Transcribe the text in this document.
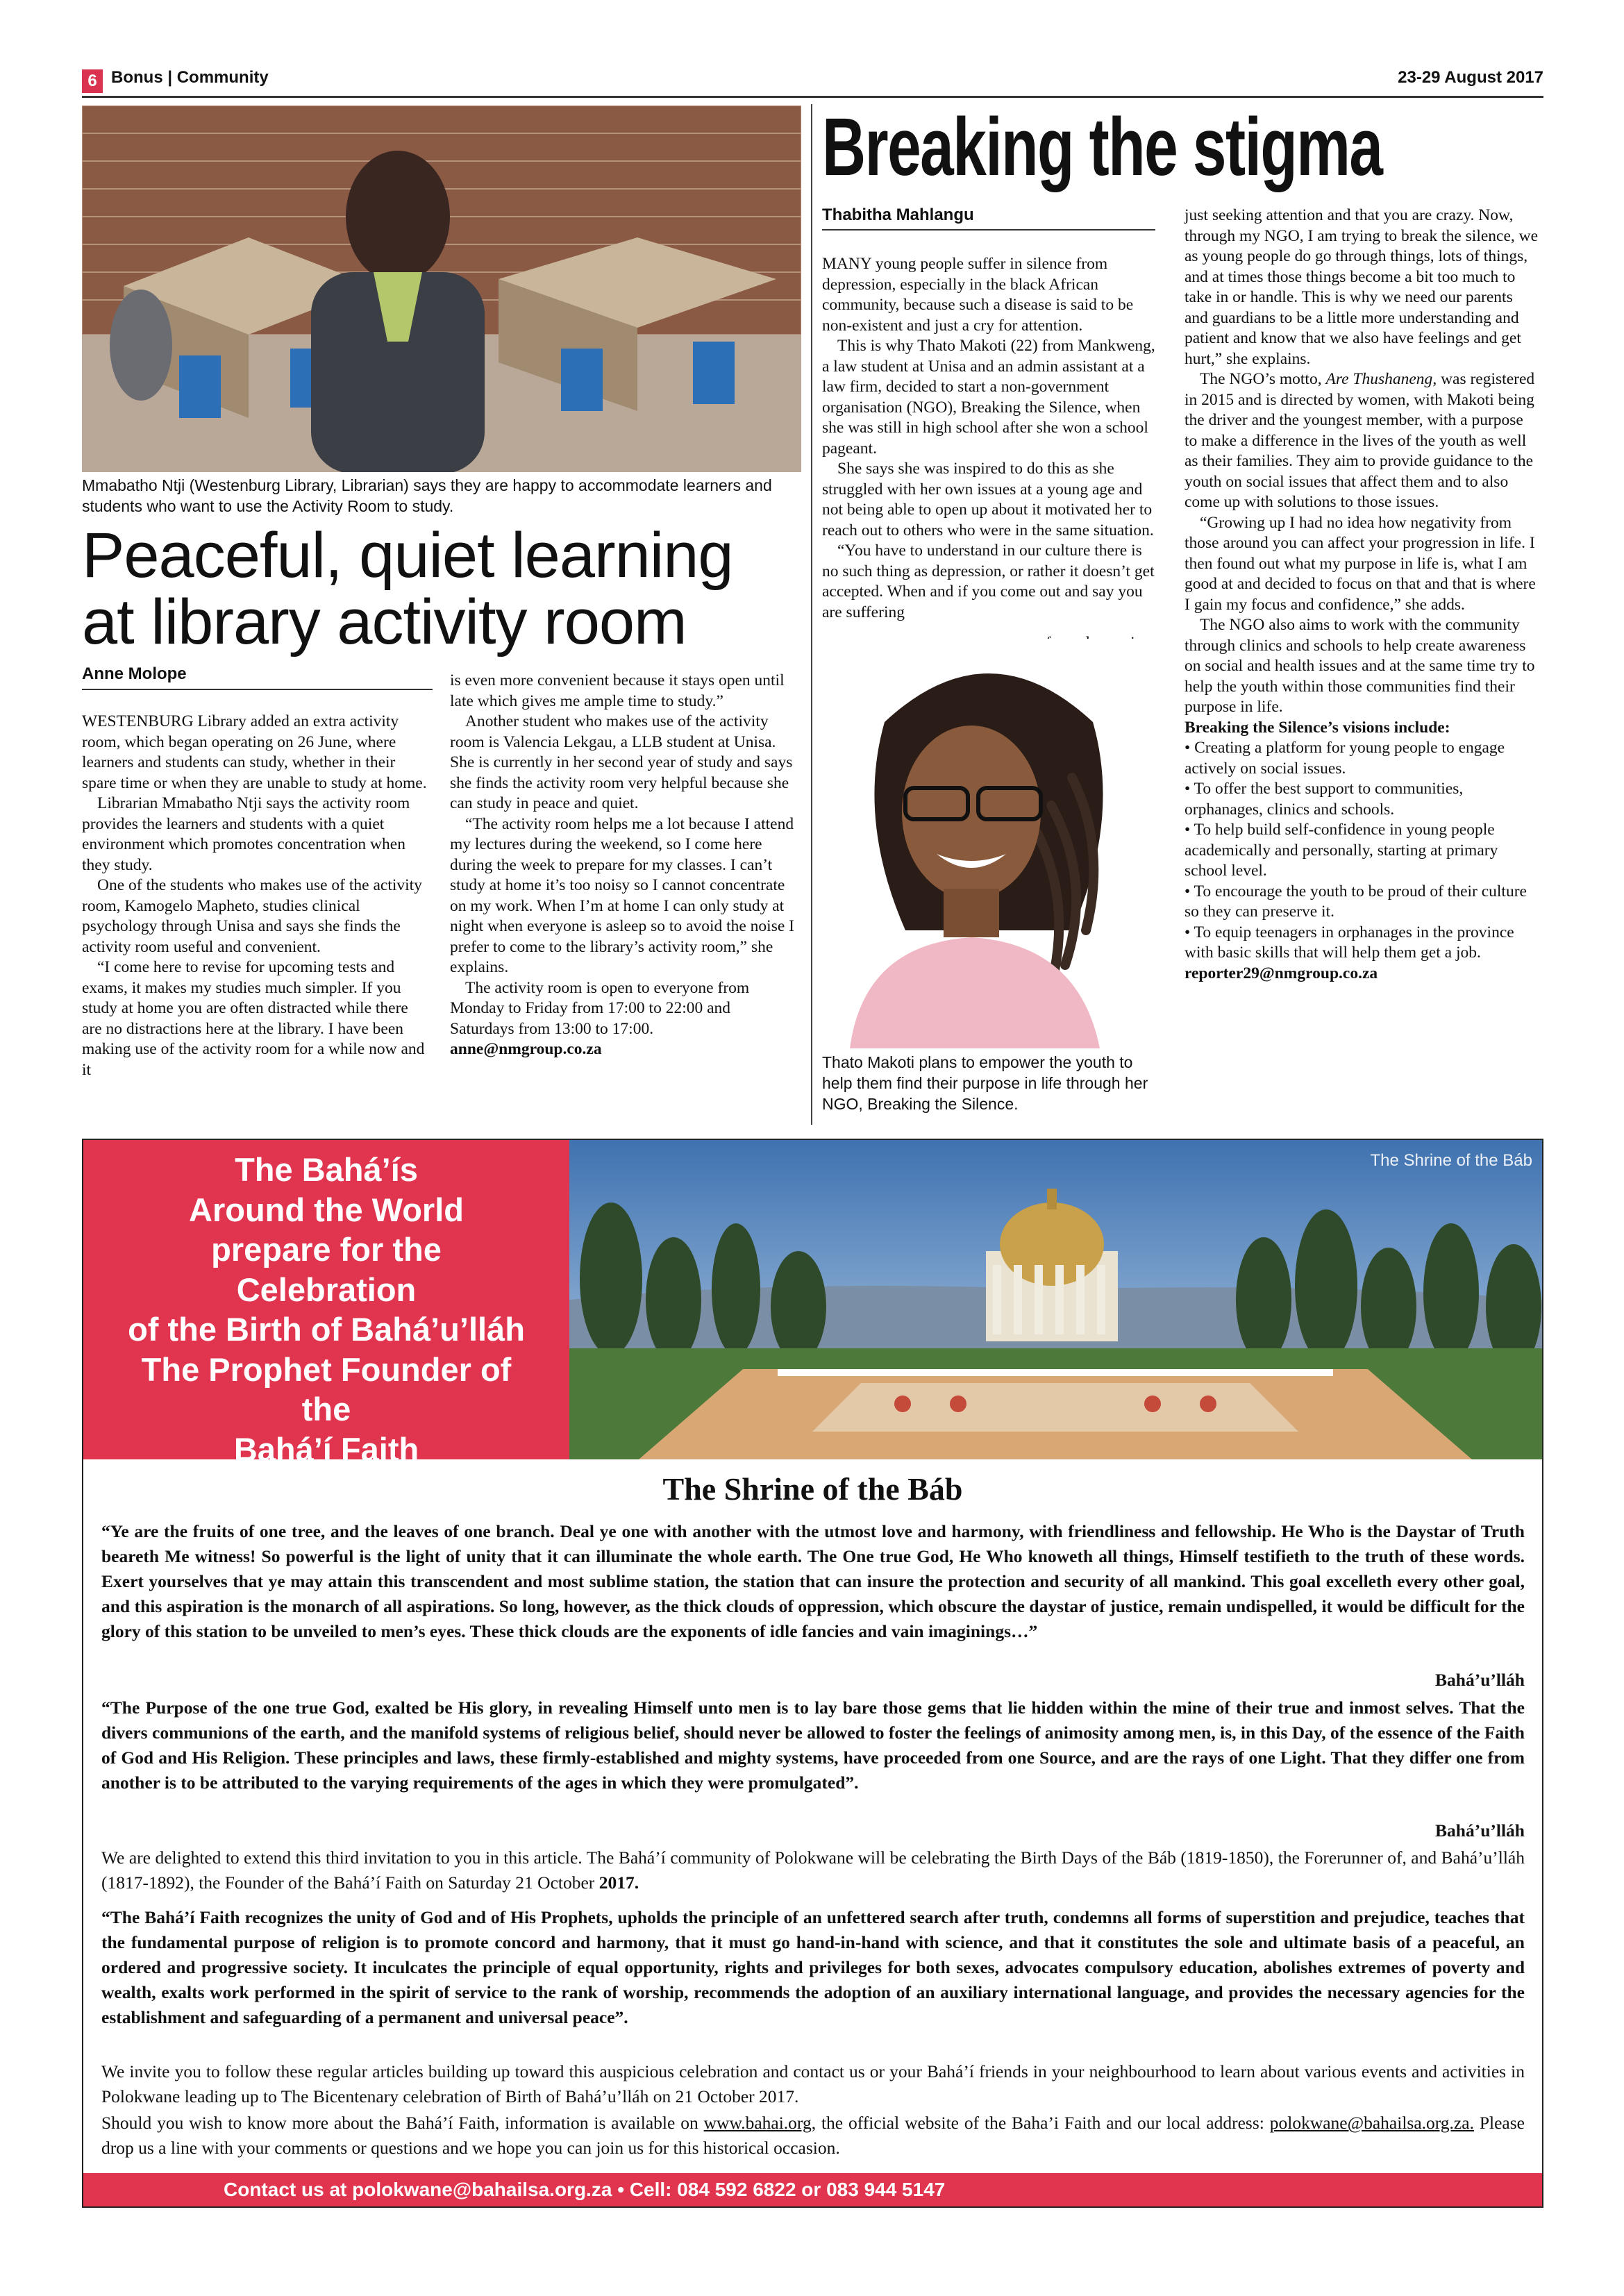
6 Bonus | Community	23-29 August 2017
Mmabatho Ntji (Westenburg Library, Librarian) says they are happy to accommodate learners and students who want to use the Activity Room to study.
Peaceful, quiet learning
at library activity room
Anne Molope

WESTENBURG Library added an extra activity room, which began operating on 26 June, where learners and students can study, whether in their spare time or when they are unable to study at home.

Librarian Mmabatho Ntji says the activity room provides the learners and students with a quiet environment which promotes concentration when they study.

One of the students who makes use of the activity room, Kamogelo Mapheto, studies clinical psychology through Unisa and says she finds the activity room useful and convenient.

“I come here to revise for upcoming tests and exams, it makes my studies much simpler. If you study at home you are often distracted while there are no distractions here at the library. I have been making use of the activity room for a while now and it

is even more convenient because it stays open until late which gives me ample time to study.”

Another student who makes use of the activity room is Valencia Lekgau, a LLB student at Unisa. She is currently in her second year of study and says she finds the activity room very helpful because she can study in peace and quiet.

“The activity room helps me a lot because I attend my lectures during the weekend, so I come here during the week to prepare for my classes. I can’t study at home it’s too noisy so I cannot concentrate on my work. When I’m at home I can only study at night when everyone is asleep so to avoid the noise I prefer to come to the library’s activity room,” she explains.

The activity room is open to everyone from Monday to Friday from 17:00 to 22:00 and Saturdays from 13:00 to 17:00.

anne@nmgroup.co.za

Breaking the stigma
Thabitha Mahlangu

MANY young people suffer in silence from depression, especially in the black African community, because such a disease is said to be non-existent and just a cry for attention.

This is why Thato Makoti (22) from Mankweng, a law student at Unisa and an admin assistant at a law firm, decided to start a non-government organisation (NGO), Breaking the Silence, when she was still in high school after she won a school pageant.

She says she was inspired to do this as she struggled with her own issues at a young age and not being able to open up about it motivated her to reach out to others who were in the same situation.

“You have to understand in our culture there is no such thing as depression, or rather it doesn’t get accepted. When and if you come out and say you are suffering

Thato Makoti plans to empower the youth to help them find their purpose in life through her NGO, Breaking the Silence.

just seeking attention and that you are crazy. Now, through my NGO, I am trying to break the silence, we as young people do go through things, lots of things, and at times those things become a bit too much to take in or handle. This is why we need our parents and guardians to be a little more understanding and patient and know that we also have feelings and get hurt,” she explains.

The NGO’s motto, Are Thushaneng, was registered in 2015 and is directed by women, with Makoti being the driver and the youngest member, with a purpose to make a difference in the lives of the youth as well as their families. They aim to provide guidance to the youth on social issues that affect them and to also come up with solutions to those issues.

“Growing up I had no idea how negativity from those around you can affect your progression in life. I then found out what my purpose in life is, what I am good at and decided to focus on that and that is where I gain my focus and confidence,” she adds.

The NGO also aims to work with the community through clinics and schools to help create awareness on social and health issues and at the same time try to help the youth within those communities find their purpose in life.

Breaking the Silence’s visions include:

• Creating a platform for young people to engage actively on social issues.

• To offer the best support to communities, orphanages, clinics and schools.

• To help build self-confidence in young people academically and personally, starting at primary school level.

• To encourage the youth to be proud of their culture so they can preserve it.

• To equip teenagers in orphanages in the province with basic skills that will help them get a job.

reporter29@nmgroup.co.za

The Bahá’ís
Around the World
prepare for the
Celebration
of the Birth of Bahá’u’lláh
The Prophet Founder of
the
Bahá’í Faith
The Shrine of the Báb
The Shrine of the Báb
“Ye are the fruits of one tree, and the leaves of one branch. Deal ye one with another with the utmost love and harmony, with friendliness and fellowship. He Who is the Daystar of Truth beareth Me witness! So powerful is the light of unity that it can illuminate the whole earth. The One true God, He Who knoweth all things, Himself testifieth to the truth of these words. Exert yourselves that ye may attain this transcendent and most sublime station, the station that can insure the protection and security of all mankind. This goal excelleth every other goal, and this aspiration is the monarch of all aspirations. So long, however, as the thick clouds of oppression, which obscure the daystar of justice, remain undispelled, it would be difficult for the glory of this station to be unveiled to men’s eyes. These thick clouds are the exponents of idle fancies and vain imaginings…”
Bahá’u’lláh
“The Purpose of the one true God, exalted be His glory, in revealing Himself unto men is to lay bare those gems that lie hidden within the mine of their true and inmost selves. That the divers communions of the earth, and the manifold systems of religious belief, should never be allowed to foster the feelings of animosity among men, is, in this Day, of the essence of the Faith of God and His Religion. These principles and laws, these firmly-established and mighty systems, have proceeded from one Source, and are the rays of one Light. That they differ one from another is to be attributed to the varying requirements of the ages in which they were promulgated”.
Bahá’u’lláh
We are delighted to extend this third invitation to you in this article. The Bahá’í community of Polokwane will be celebrating the Birth Days of the Báb (1819-1850), the Forerunner of, and Bahá’u’lláh (1817-1892), the Founder of the Bahá’í Faith on Saturday 21 October 2017.
“The Bahá’í Faith recognizes the unity of God and of His Prophets, upholds the principle of an unfettered search after truth, condemns all forms of superstition and prejudice, teaches that the fundamental purpose of religion is to promote concord and harmony, that it must go hand-in-hand with science, and that it constitutes the sole and ultimate basis of a peaceful, an ordered and progressive society. It inculcates the principle of equal opportunity, rights and privileges for both sexes, advocates compulsory education, abolishes extremes of poverty and wealth, exalts work performed in the spirit of service to the rank of worship, recommends the adoption of an auxiliary international language, and provides the necessary agencies for the establishment and safeguarding of a permanent and universal peace”.
We invite you to follow these regular articles building up toward this auspicious celebration and contact us or your Bahá’í friends in your neighbourhood to learn about various events and activities in Polokwane leading up to The Bicentenary celebration of Birth of Bahá’u’lláh on 21 October 2017.
Should you wish to know more about the Bahá’í Faith, information is available on www.bahai.org, the official website of the Baha’i Faith and our local address: polokwane@bahailsa.org.za. Please drop us a line with your comments or questions and we hope you can join us for this historical occasion.
Contact us at polokwane@bahailsa.org.za • Cell: 084 592 6822 or 083 944 5147
